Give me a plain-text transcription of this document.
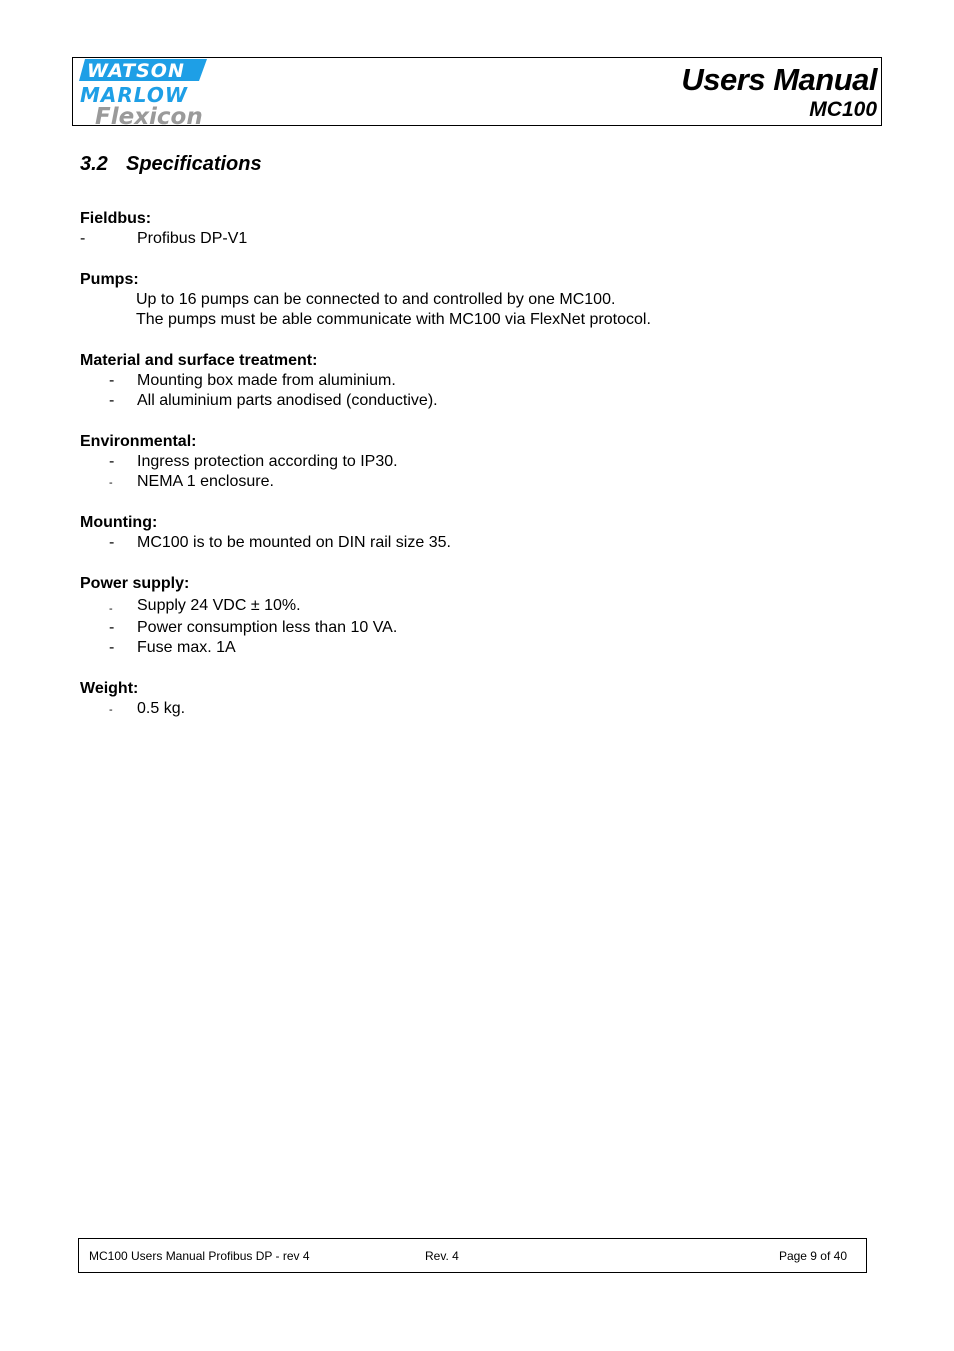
WATSON
MARLOW
Flexicon
Users Manual
MC100
3.2 Specifications
Fieldbus:
-	Profibus DP-V1
Pumps:
Up to 16 pumps can be connected to and controlled by one MC100.
The pumps must be able communicate with MC100 via FlexNet protocol.
Material and surface treatment:
- Mounting box made from aluminium.
- All aluminium parts anodised (conductive).
Environmental:
- Ingress protection according to IP30.
- NEMA 1 enclosure.
Mounting:
- MC100 is to be mounted on DIN rail size 35.
Power supply:
- Supply 24 VDC ± 10%.
- Power consumption less than 10 VA.
- Fuse max. 1A
Weight:
- 0.5 kg.
MC100 Users Manual Profibus DP - rev 4	Rev. 4	Page 9 of 40
